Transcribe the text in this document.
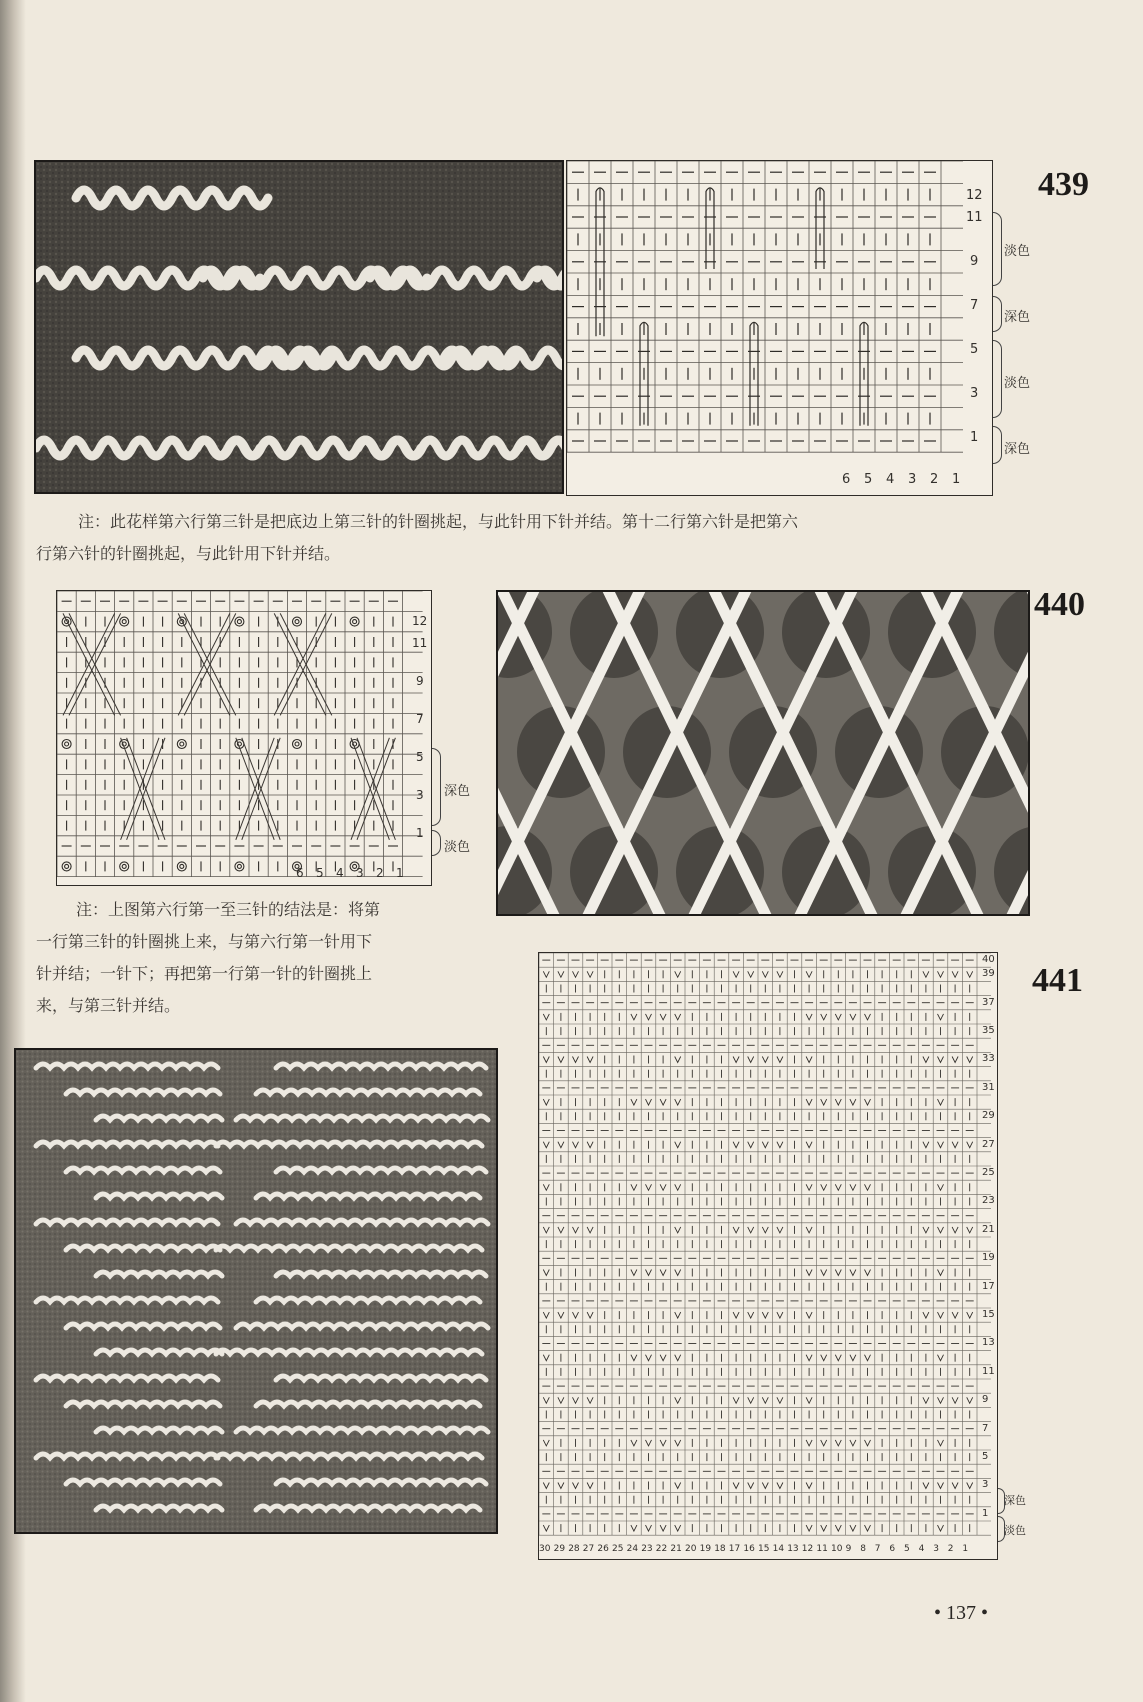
12
11
9
7
5
3
1
6 5 4 3 2 1
淡色
深色
淡色
深色
439
注：此花样第六行第三针是把底边上第三针的针圈挑起，与此针用下针并结。第十二行第六针是把第六
行第六针的针圈挑起，与此针用下针并结。
12
11
9
7
5
3
1
6 5 4 3 2 1
深色
淡色
440
注：上图第六行第一至三针的结法是：将第
一行第三针的针圈挑上来，与第六行第一针用下
针并结；一针下；再把第一行第一针的针圈挑上
来，与第三针并结。
40
39
37
35
33
31
29
27
25
23
21
19
17
15
13
11
9
7
5
3
1
30 29 28 27 26 25 24 23 22 21 20 19 18 17 16 15 14 13 12 11 10 9 8 7 6 5 4 3 2 1
深色
淡色
441
• 137 •
